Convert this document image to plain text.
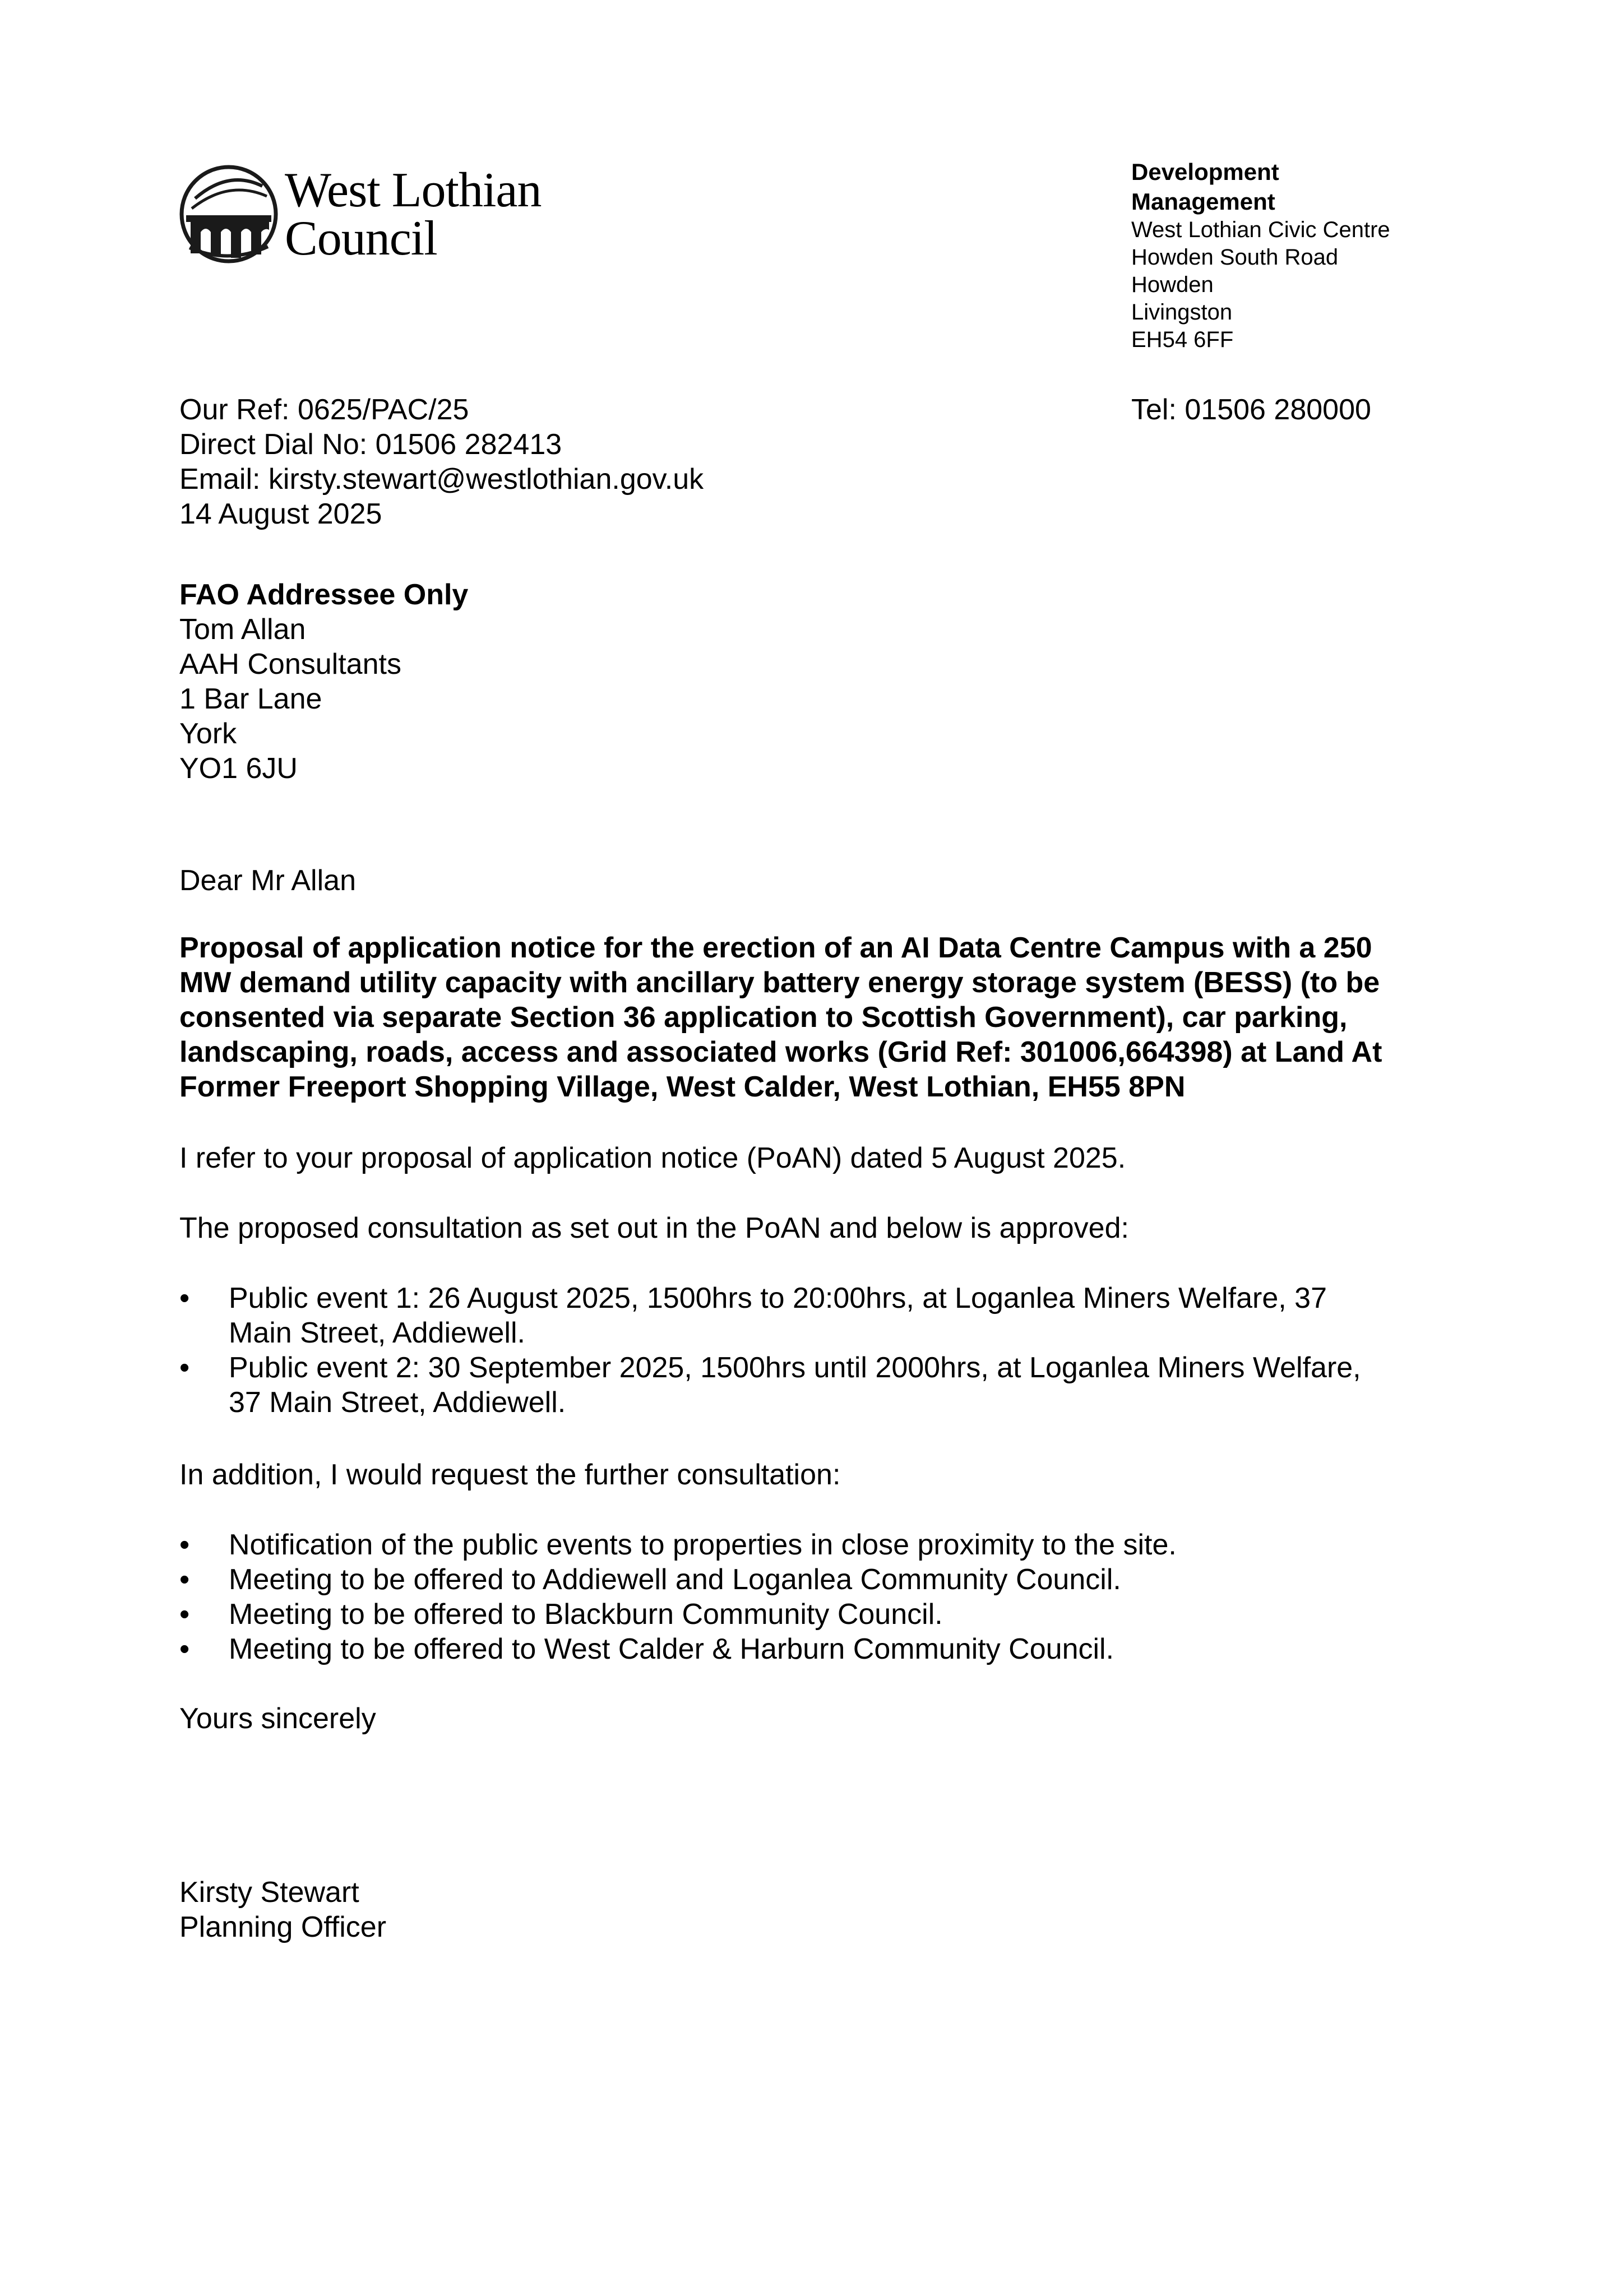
West Lothian
Council
Development
Management
West Lothian Civic Centre
Howden South Road
Howden
Livingston
EH54 6FF
Our Ref: 0625/PAC/25
Direct Dial No: 01506 282413
Email: kirsty.stewart@westlothian.gov.uk
14 August 2025
Tel: 01506 280000
FAO Addressee Only
Tom Allan
AAH Consultants
1 Bar Lane
York
YO1 6JU
Dear Mr Allan
Proposal of application notice for the erection of an AI Data Centre Campus with a 250
MW demand utility capacity with ancillary battery energy storage system (BESS) (to be
consented via separate Section 36 application to Scottish Government), car parking,
landscaping, roads, access and associated works (Grid Ref: 301006,664398) at Land At
Former Freeport Shopping Village, West Calder, West Lothian, EH55 8PN
I refer to your proposal of application notice (PoAN) dated 5 August 2025.
The proposed consultation as set out in the PoAN and below is approved:
• Public event 1: 26 August 2025, 1500hrs to 20:00hrs, at Loganlea Miners Welfare, 37
Main Street, Addiewell.
• Public event 2: 30 September 2025, 1500hrs until 2000hrs, at Loganlea Miners Welfare,
37 Main Street, Addiewell.
In addition, I would request the further consultation:
• Notification of the public events to properties in close proximity to the site.
• Meeting to be offered to Addiewell and Loganlea Community Council.
• Meeting to be offered to Blackburn Community Council.
• Meeting to be offered to West Calder & Harburn Community Council.
Yours sincerely
Kirsty Stewart
Planning Officer
